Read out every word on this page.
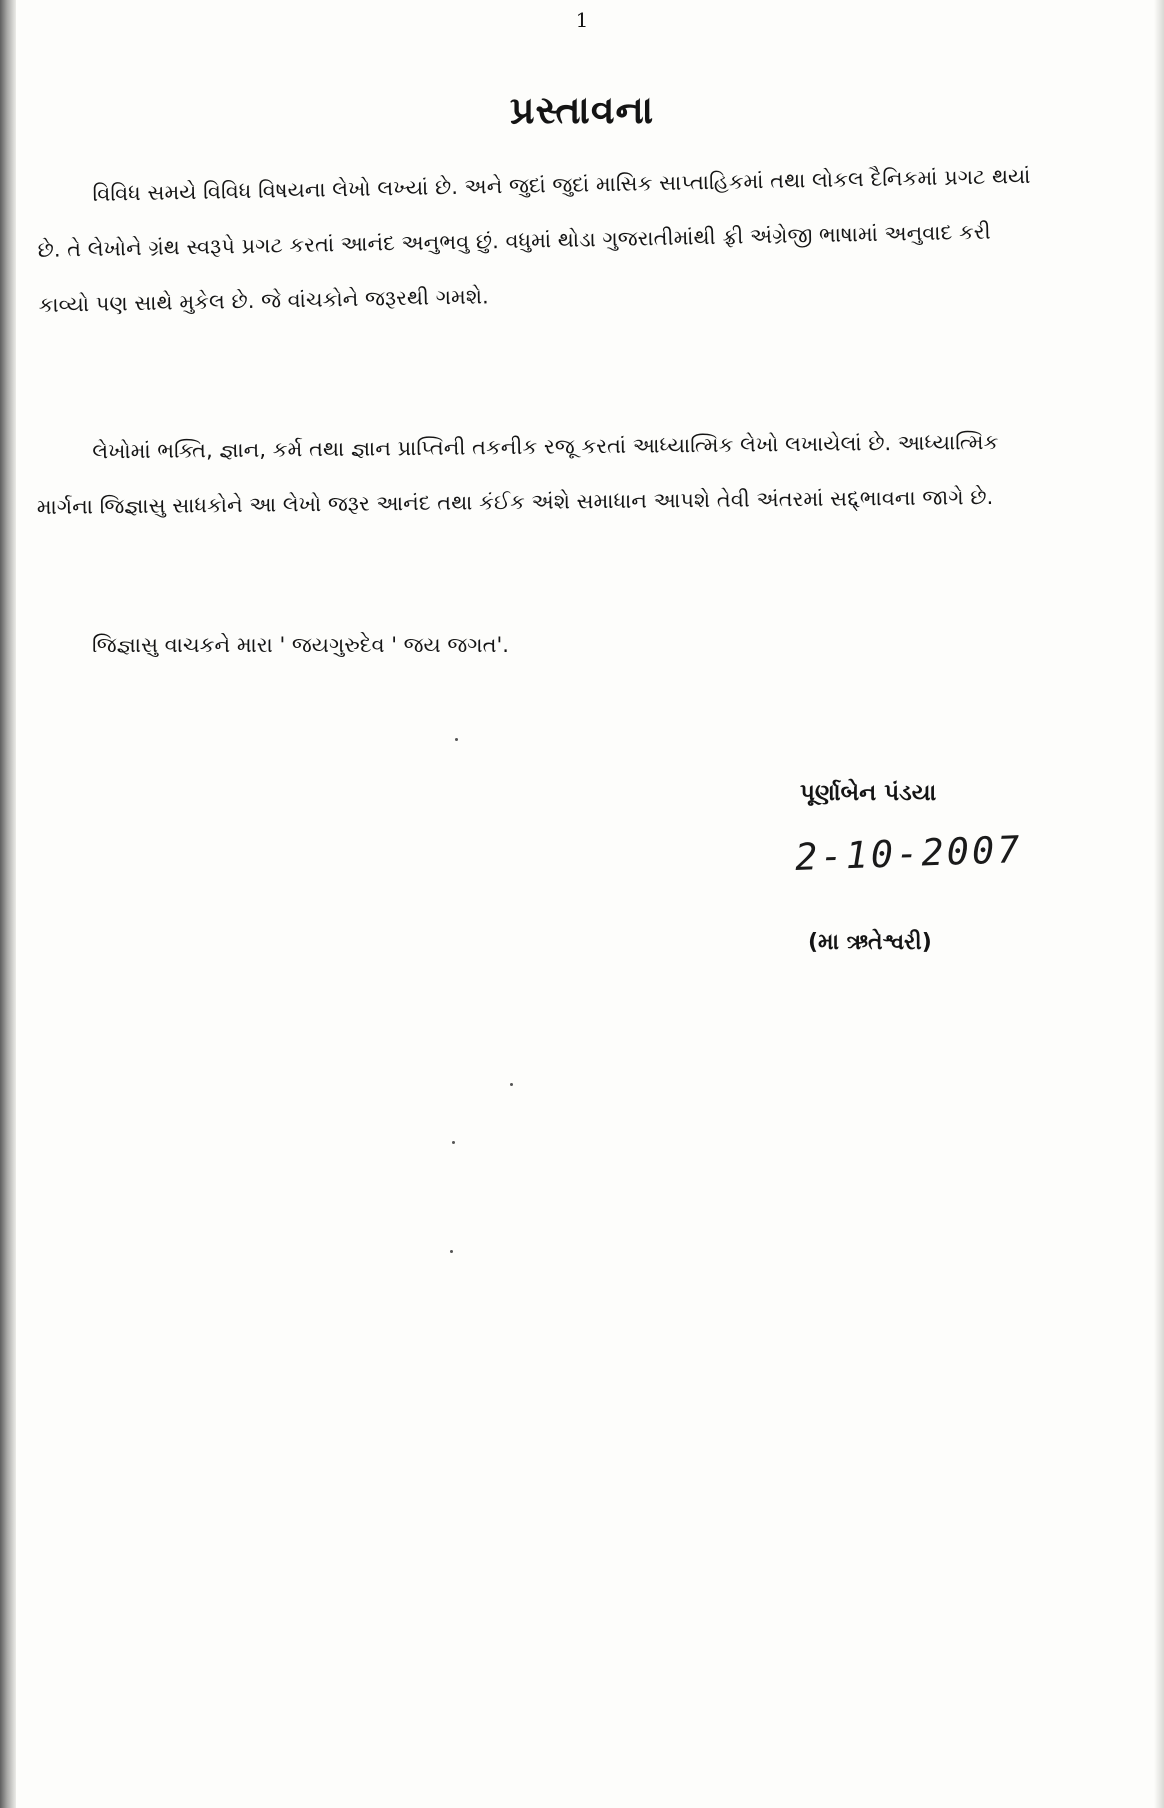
1
પ્રસ્તાવના

વિવિધ સમયે વિવિધ વિષયના લેખો લખ્યાં છે. અને જુદાં જુદાં માસિક સાપ્તાહિકમાં તથા લોકલ દૈનિકમાં પ્રગટ થયાં છે. તે લેખોને ગ્રંથ સ્વરૂપે પ્રગટ કરતાં આનંદ અનુભવુ છું. વધુમાં થોડા ગુજરાતીમાંથી ફ્રી અંગ્રેજી ભાષામાં અનુવાદ કરી કાવ્યો પણ સાથે મુકેલ છે. જે વાંચકોને જરૂરથી ગમશે.

લેખોમાં ભક્તિ, જ્ઞાન, કર્મ તથા જ્ઞાન પ્રાપ્તિની તકનીક રજૂ કરતાં આધ્યાત્મિક લેખો લખાયેલાં છે. આધ્યાત્મિક માર્ગના જિજ્ઞાસુ સાધકોને આ લેખો જરૂર આનંદ તથા કંઈક અંશે સમાધાન આપશે તેવી અંતરમાં સદ્દ્ભાવના જાગે છે.

જિજ્ઞાસુ વાચકને મારા ' જયગુરુદેવ ' જય જગત'.

પૂર્ણાબેન પંડયા
2-10-2007
(મા ઋતેશ્વરી)
